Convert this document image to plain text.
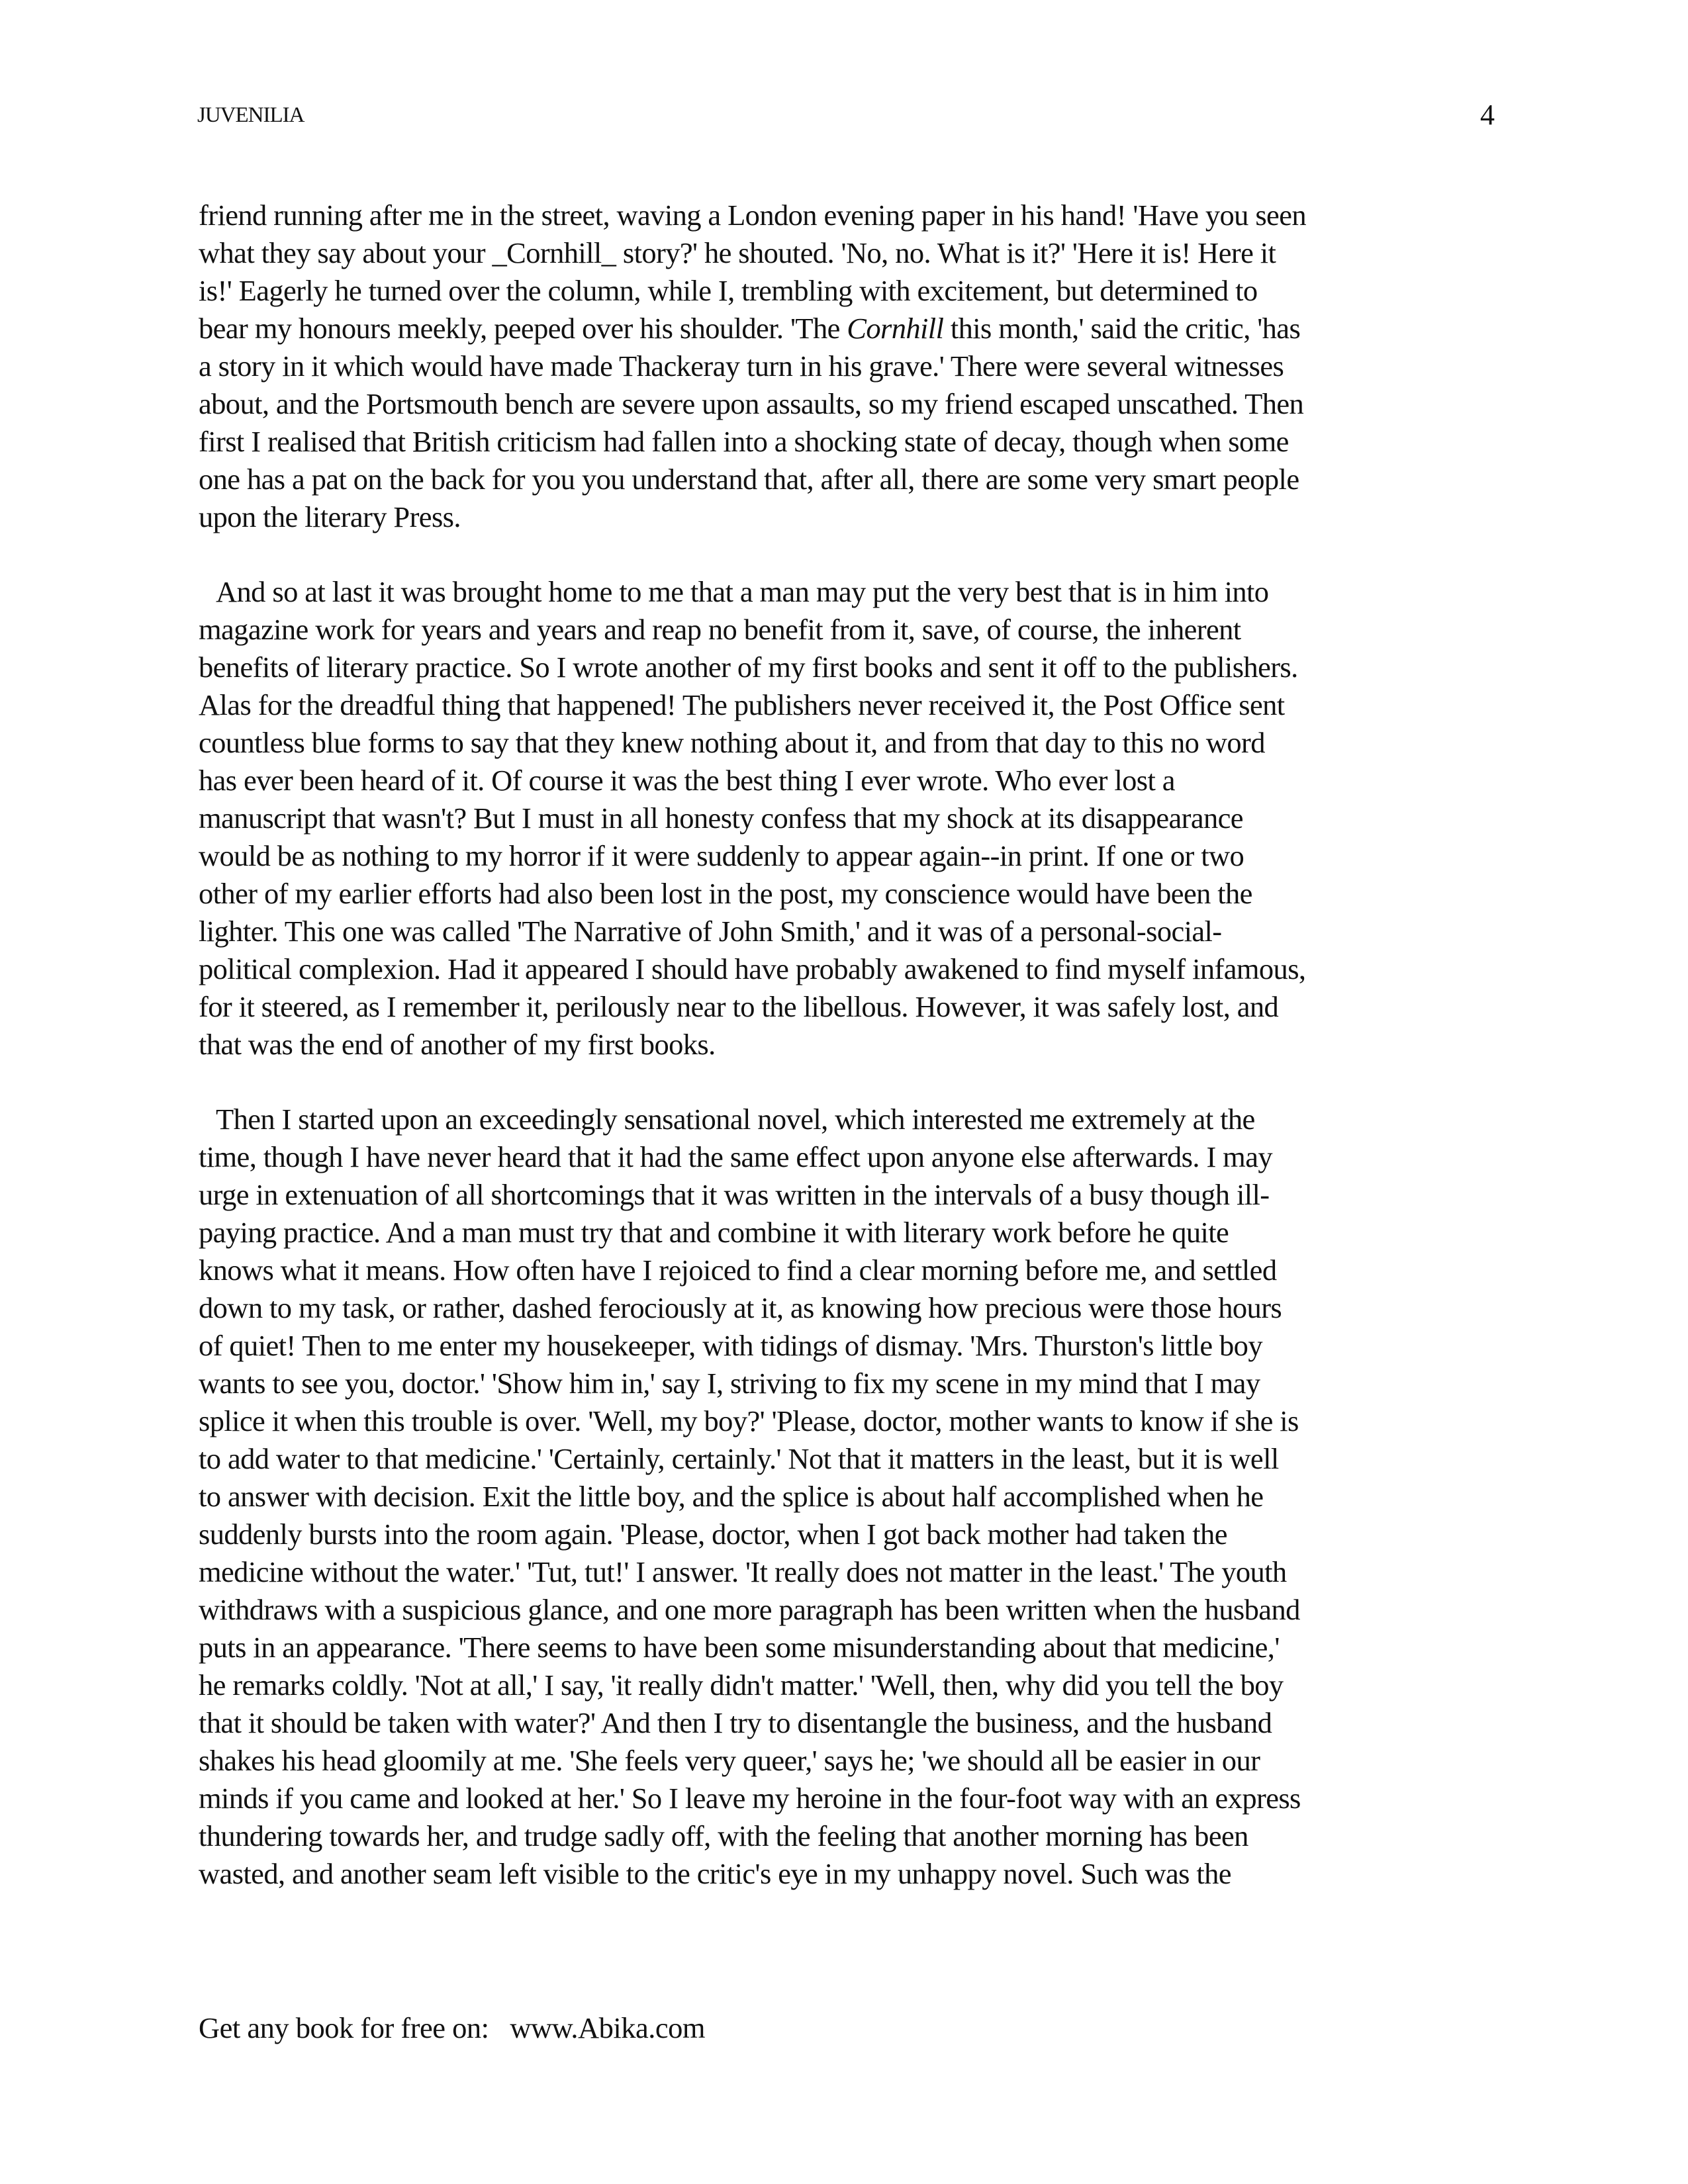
JUVENILIA	4
friend running after me in the street, waving a London evening paper in his hand! 'Have you seen
what they say about your _Cornhill_ story?' he shouted. 'No, no. What is it?' 'Here it is! Here it
is!' Eagerly he turned over the column, while I, trembling with excitement, but determined to
bear my honours meekly, peeped over his shoulder. 'The Cornhill this month,' said the critic, 'has
a story in it which would have made Thackeray turn in his grave.' There were several witnesses
about, and the Portsmouth bench are severe upon assaults, so my friend escaped unscathed. Then
first I realised that British criticism had fallen into a shocking state of decay, though when some
one has a pat on the back for you you understand that, after all, there are some very smart people
upon the literary Press.
And so at last it was brought home to me that a man may put the very best that is in him into
magazine work for years and years and reap no benefit from it, save, of course, the inherent
benefits of literary practice. So I wrote another of my first books and sent it off to the publishers.
Alas for the dreadful thing that happened! The publishers never received it, the Post Office sent
countless blue forms to say that they knew nothing about it, and from that day to this no word
has ever been heard of it. Of course it was the best thing I ever wrote. Who ever lost a
manuscript that wasn't? But I must in all honesty confess that my shock at its disappearance
would be as nothing to my horror if it were suddenly to appear again--in print. If one or two
other of my earlier efforts had also been lost in the post, my conscience would have been the
lighter. This one was called 'The Narrative of John Smith,' and it was of a personal-social-
political complexion. Had it appeared I should have probably awakened to find myself infamous,
for it steered, as I remember it, perilously near to the libellous. However, it was safely lost, and
that was the end of another of my first books.
Then I started upon an exceedingly sensational novel, which interested me extremely at the
time, though I have never heard that it had the same effect upon anyone else afterwards. I may
urge in extenuation of all shortcomings that it was written in the intervals of a busy though ill-
paying practice. And a man must try that and combine it with literary work before he quite
knows what it means. How often have I rejoiced to find a clear morning before me, and settled
down to my task, or rather, dashed ferociously at it, as knowing how precious were those hours
of quiet! Then to me enter my housekeeper, with tidings of dismay. 'Mrs. Thurston's little boy
wants to see you, doctor.' 'Show him in,' say I, striving to fix my scene in my mind that I may
splice it when this trouble is over. 'Well, my boy?' 'Please, doctor, mother wants to know if she is
to add water to that medicine.' 'Certainly, certainly.' Not that it matters in the least, but it is well
to answer with decision. Exit the little boy, and the splice is about half accomplished when he
suddenly bursts into the room again. 'Please, doctor, when I got back mother had taken the
medicine without the water.' 'Tut, tut!' I answer. 'It really does not matter in the least.' The youth
withdraws with a suspicious glance, and one more paragraph has been written when the husband
puts in an appearance. 'There seems to have been some misunderstanding about that medicine,'
he remarks coldly. 'Not at all,' I say, 'it really didn't matter.' 'Well, then, why did you tell the boy
that it should be taken with water?' And then I try to disentangle the business, and the husband
shakes his head gloomily at me. 'She feels very queer,' says he; 'we should all be easier in our
minds if you came and looked at her.' So I leave my heroine in the four-foot way with an express
thundering towards her, and trudge sadly off, with the feeling that another morning has been
wasted, and another seam left visible to the critic's eye in my unhappy novel. Such was the
Get any book for free on:   www.Abika.com
